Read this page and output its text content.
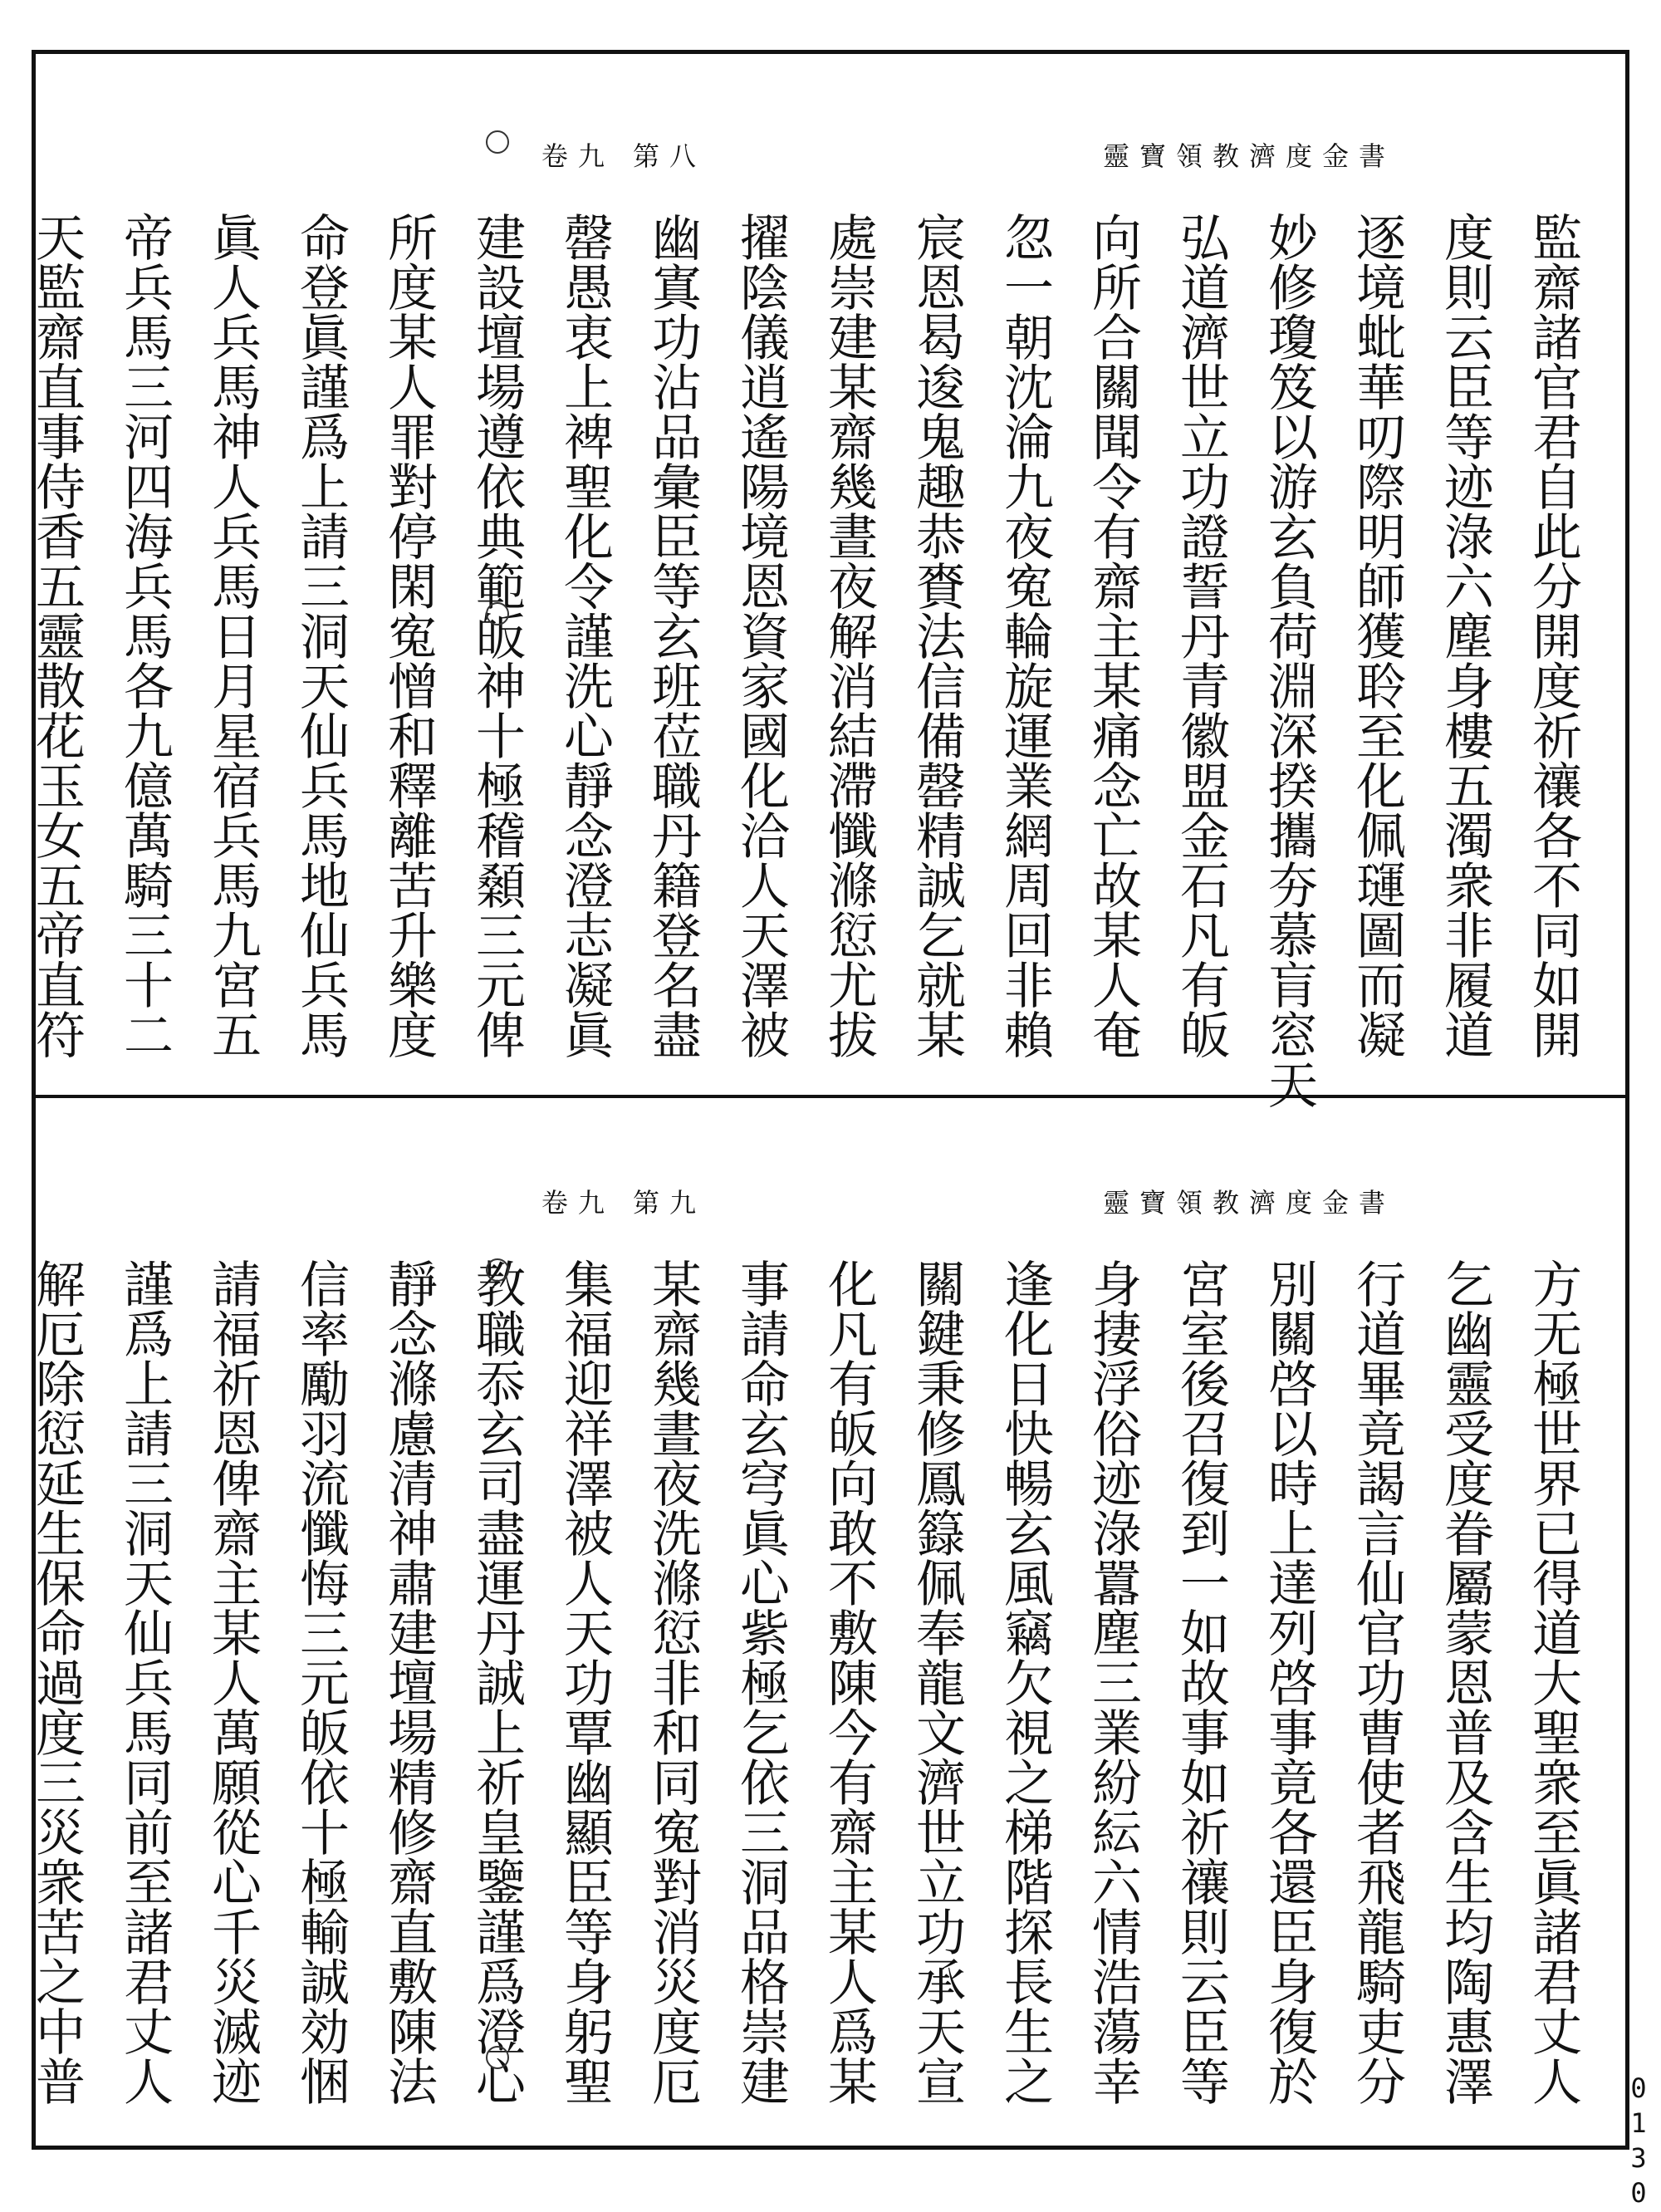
靈寶領教濟度金書
卷九 第八
監齋諸官君自此分開度祈禳各不同如開
度則云臣等迹淥六塵身樓五濁衆非履道
逐境蚍華叨際明師獲聆至化佩璭圖而凝
妙修瓊笈以游玄負荷淵深揆攜夯慕肓窓天
弘道濟世立功證誓丹青徽盟金石凡有皈
向所合關聞令有齋主某痛念亡故某人奄
忽一朝沈淪九夜寃輪旋運業網周回非賴
宸恩曷逡鬼趣恭賚法信備罄精誠乞就某
處崇建某齋幾晝夜解消結滯懺滌愆尤拔
擢陰儀逍遙陽境恩資家國化洽人天澤被
幽寘功沾品彙臣等玄班莅職丹籍登名盡
罄愚衷上裨聖化令謹洗心靜念澄志凝眞
建設壇場遵依典範皈神十極稽顙三元俾
所度某人罪對停閑寃憎和釋離苦升樂度
命登眞謹爲上請三洞天仙兵馬地仙兵馬
眞人兵馬神人兵馬日月星宿兵馬九宮五
帝兵馬三河四海兵馬各九億萬騎三十二
天監齋直事侍香五靈散花玉女五帝直符
靈寶領教濟度金書
卷九 第九
方无極世界已得道大聖衆至眞諸君丈人
乞幽靈受度眷屬蒙恩普及含生均陶惠澤
行道畢竟謁言仙官功曹使者飛龍騎吏分
別關啓以時上達列啓事竟各還臣身復於
宮室後召復到一如故事如祈禳則云臣等
身捿浮俗迹淥囂塵三業紛紜六情浩蕩幸
逢化日快暢玄風竊欠視之梯階探長生之
關鍵秉修鳳籙佩奉龍文濟世立功承天宣
化凡有皈向敢不敷陳今有齋主某人爲某
事請命玄穹眞心紫極乞依三洞品格崇建
某齋幾晝夜洗滌愆非和同寃對消災度厄
集福迎祥澤被人天功覃幽顯臣等身躬聖
教職忝玄司盡運丹誠上祈皇鑒謹爲澄心
靜念滌慮清神肅建壇場精修齋直敷陳法
信率勵羽流懺悔三元皈依十極輸誠効悃
請福祈恩俾齋主某人萬願從心千災滅迹
謹爲上請三洞天仙兵馬同前至諸君丈人
解厄除愆延生保命過度三災衆苦之中普
0130
